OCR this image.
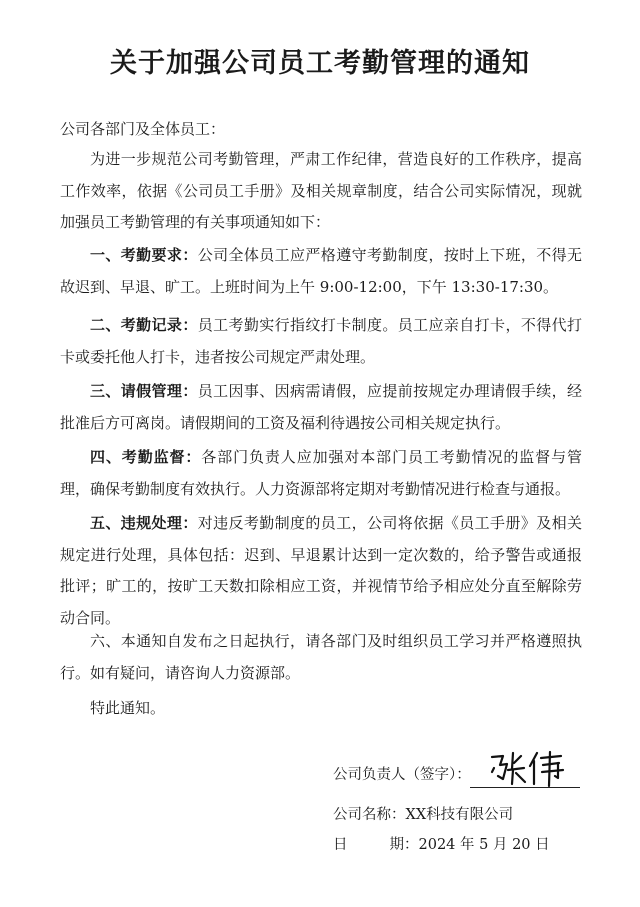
关于加强公司员工考勤管理的通知
公司各部门及全体员工：

为进一步规范公司考勤管理，严肃工作纪律，营造良好的工作秩序，提高工作效率，依据《公司员工手册》及相关规章制度，结合公司实际情况，现就加强员工考勤管理的有关事项通知如下：

一、考勤要求：公司全体员工应严格遵守考勤制度，按时上下班，不得无故迟到、早退、旷工。上班时间为上午 9:00-12:00，下午 13:30-17:30。

二、考勤记录：员工考勤实行指纹打卡制度。员工应亲自打卡，不得代打卡或委托他人打卡，违者按公司规定严肃处理。

三、请假管理：员工因事、因病需请假，应提前按规定办理请假手续，经批准后方可离岗。请假期间的工资及福利待遇按公司相关规定执行。

四、考勤监督：各部门负责人应加强对本部门员工考勤情况的监督与管理，确保考勤制度有效执行。人力资源部将定期对考勤情况进行检查与通报。

五、违规处理：对违反考勤制度的员工，公司将依据《员工手册》及相关规定进行处理，具体包括：迟到、早退累计达到一定次数的，给予警告或通报批评；旷工的，按旷工天数扣除相应工资，并视情节给予相应处分直至解除劳动合同。

六、本通知自发布之日起执行，请各部门及时组织员工学习并严格遵照执行。如有疑问，请咨询人力资源部。

特此通知。
公司负责人（签字）：
公司名称：XX科技有限公司
日	期：2024 年 5 月 20 日
